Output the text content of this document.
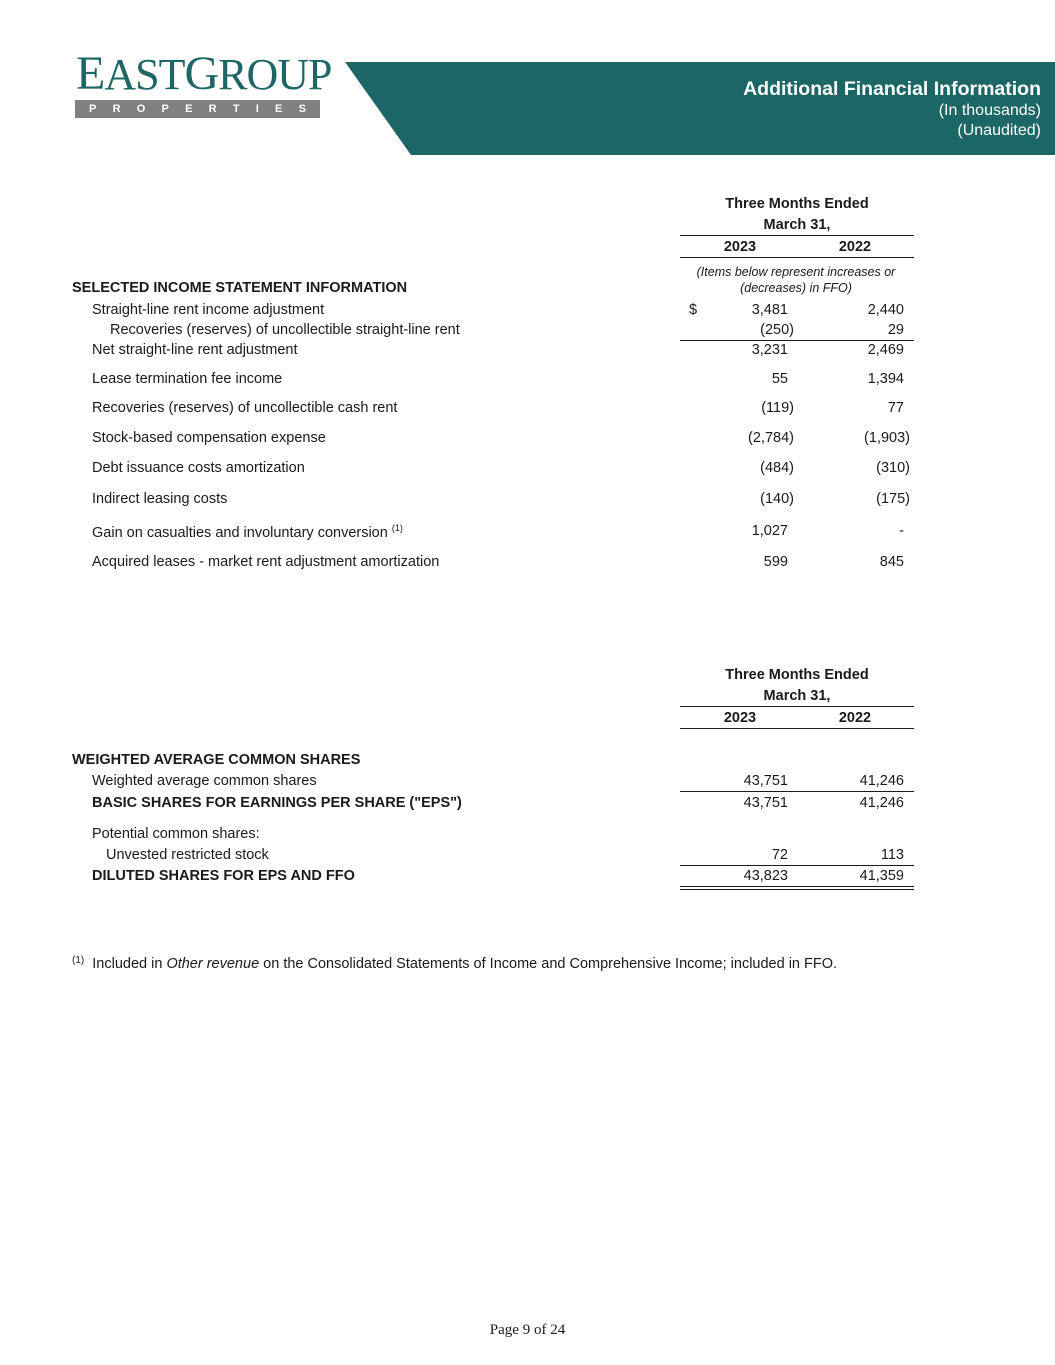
EASTGROUP
P R O P E R T I E S
Additional Financial Information
(In thousands)
(Unaudited)
Three Months Ended
March 31,
2023	2022
(Items below represent increases or (decreases) in FFO)
SELECTED INCOME STATEMENT INFORMATION
$
Straight-line rent income adjustment	3,481	2,440
Recoveries (reserves) of uncollectible straight-line rent	(250)	29
Net straight-line rent adjustment	3,231	2,469
Lease termination fee income	55	1,394
Recoveries (reserves) of uncollectible cash rent	(119)	77
Stock-based compensation expense	(2,784)	(1,903)
Debt issuance costs amortization	(484)	(310)
Indirect leasing costs	(140)	(175)
Gain on casualties and involuntary conversion $^{(1)}$	1,027	-
Acquired leases - market rent adjustment amortization	599	845
Three Months Ended
March 31,
2023	2022
WEIGHTED AVERAGE COMMON SHARES
Weighted average common shares	43,751	41,246
BASIC SHARES FOR EARNINGS PER SHARE ("EPS")	43,751	41,246
Potential common shares:
Unvested restricted stock	72	113
DILUTED SHARES FOR EPS AND FFO	43,823	41,359
$^{(1)}$ Included in Other revenue on the Consolidated Statements of Income and Comprehensive Income; included in FFO.
Page 9 of 24
